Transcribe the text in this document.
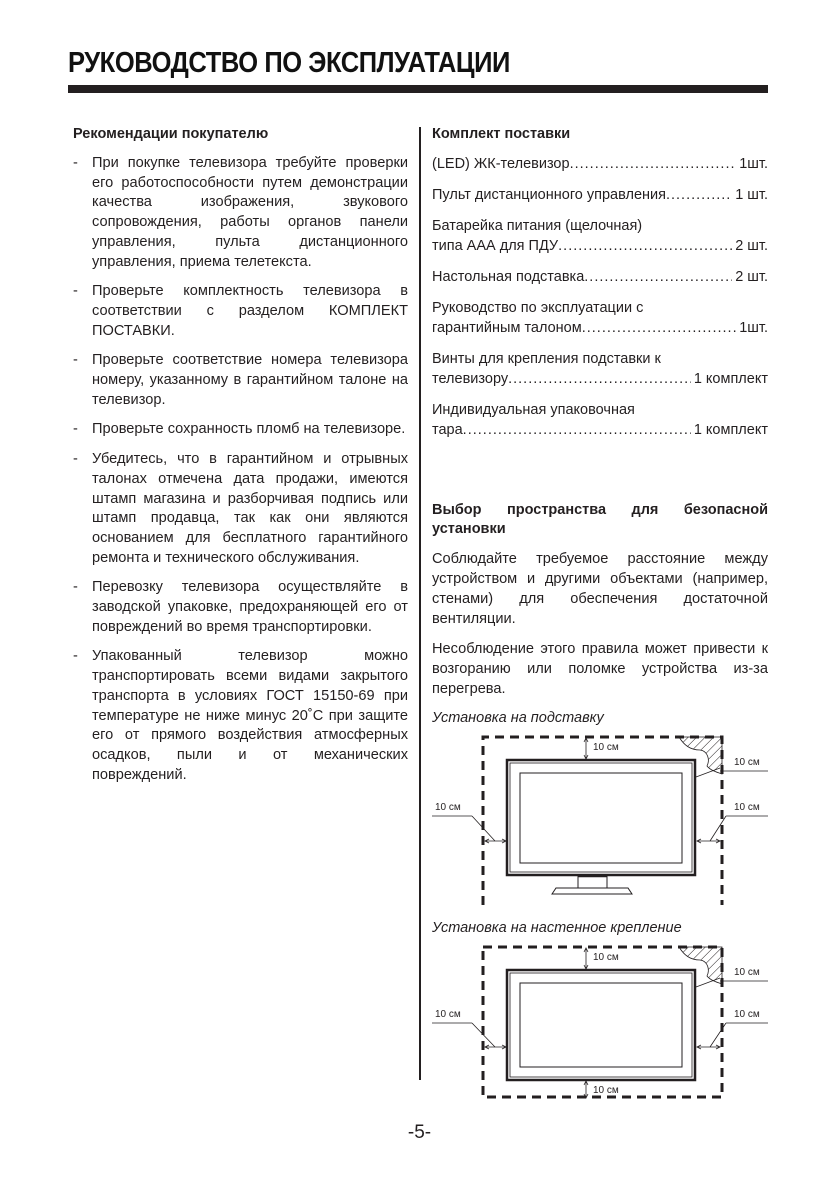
РУКОВОДСТВО ПО ЭКСПЛУАТАЦИИ
Рекомендации покупателю
- При покупке телевизора требуйте проверки его работоспособности путем демонстрации качества изображения, звукового сопровождения, работы органов панели управления, пульта дистанционного управления, приема телетекста.
- Проверьте комплектность телевизора в соответствии с разделом КОМПЛЕКТ ПОСТАВКИ.
- Проверьте соответствие номера телевизора номеру, указанному в гарантийном талоне на телевизор.
- Проверьте сохранность пломб на телевизоре.
- Убедитесь, что в гарантийном и отрывных талонах отмечена дата продажи, имеются штамп магазина и разборчивая подпись или штамп продавца, так как они являются основанием для бесплатного гарантийного ремонта и технического обслуживания.
- Перевозку телевизора осуществляйте в заводской упаковке, предохраняющей его от повреждений во время транспортировки.
- Упакованный телевизор можно транспортировать всеми видами закрытого транспорта в условиях ГОСТ 15150-69 при температуре не ниже минус 20˚С при защите его от прямого воздействия атмосферных осадков, пыли и от механических повреждений.
Комплект поставки
(LED) ЖК-телевизор .....	1шт.
Пульт дистанционного управления .....	1 шт.
Батарейка питания (щелочная)
типа ААА для ПДУ .....	2 шт.
Настольная подставка .....	2 шт.
Руководство по эксплуатации с
гарантийным талоном .....	1шт.
Винты для крепления подставки к
телевизору .....	1 комплект
Индивидуальная упаковочная
тара .....	1 комплект
Выбор пространства для безопасной установки

Соблюдайте требуемое расстояние между устройством и другими объектами (например, стенами) для обеспечения достаточной вентиляции.

Несоблюдение этого правила может привести к возгоранию или поломке устройства из-за перегрева.

Установка на подставку
10 см
10 см
10 см	10 см
Установка на настенное крепление
10 см
10 см
10 см	10 см
10 см
-5-
